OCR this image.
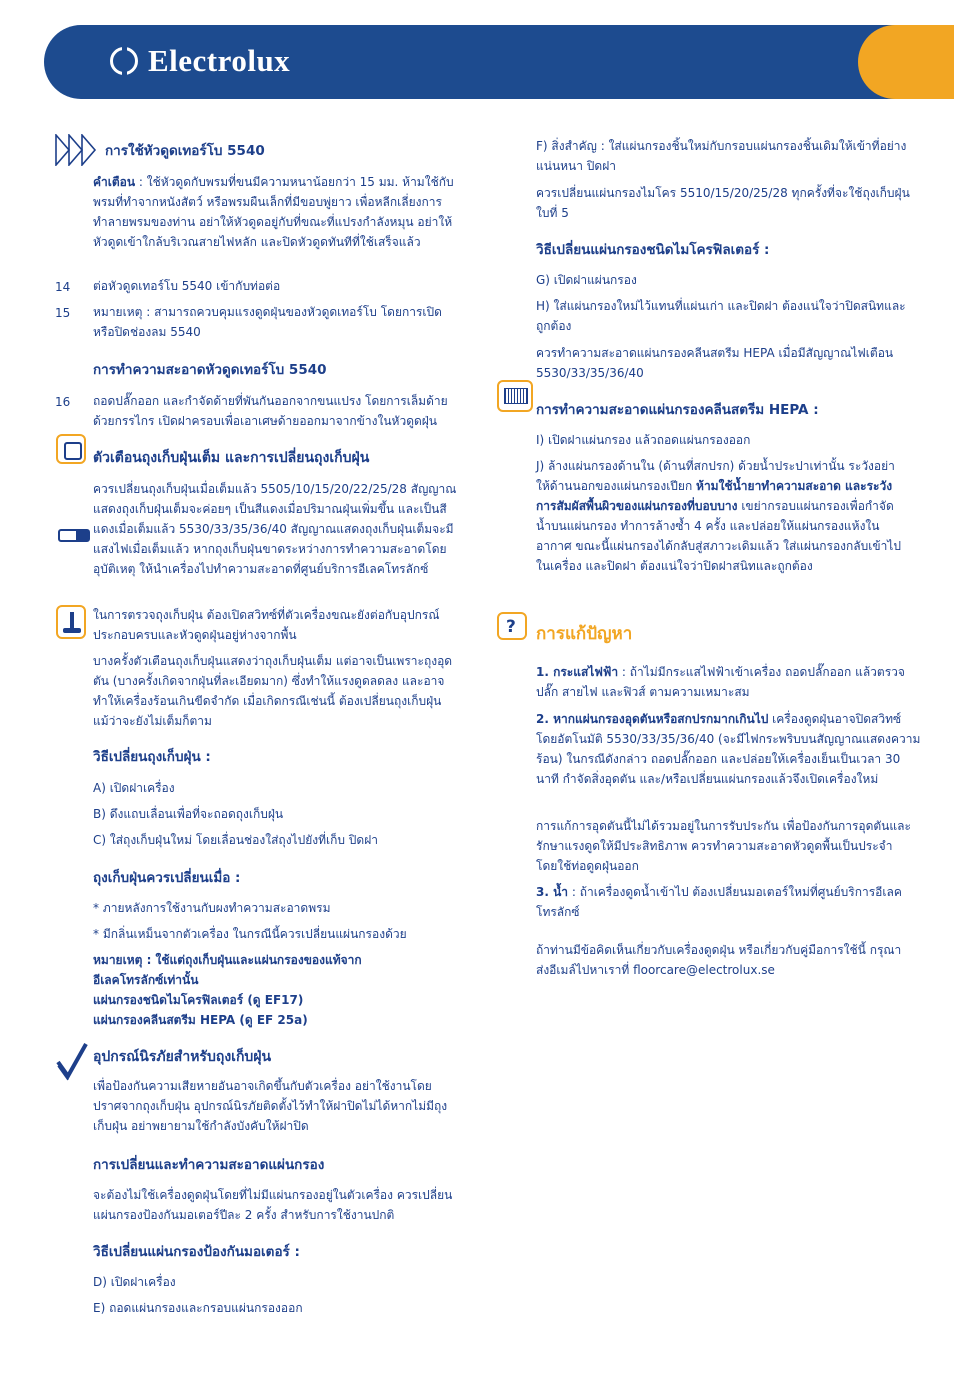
Electrolux
การใช้หัวดูดเทอร์โบ 5540
คำเตือน : ใช้หัวดูดกับพรมที่ขนมีความหนาน้อยกว่า 15 มม. ห้ามใช้กับพรมที่ทำจากหนังสัตว์ หรือพรมผืนเล็กที่มีขอบพู่ยาว เพื่อหลีกเลี่ยงการทำลายพรมของท่าน อย่าให้หัวดูดอยู่กับที่ขณะที่แปรงกำลังหมุน อย่าให้หัวดูดเข้าใกล้บริเวณสายไฟหลัก และปิดหัวดูดทันทีที่ใช้เสร็จแล้ว
14 ต่อหัวดูดเทอร์โบ 5540 เข้ากับท่อต่อ
15 หมายเหตุ : สามารถควบคุมแรงดูดฝุ่นของหัวดูดเทอร์โบ โดยการเปิดหรือปิดช่องลม 5540
การทำความสะอาดหัวดูดเทอร์โบ 5540
16 ถอดปลั๊กออก และกำจัดด้ายที่พันกันออกจากขนแปรง โดยการเล็มด้ายด้วยกรรไกร เปิดฝาครอบเพื่อเอาเศษด้ายออกมาจากข้างในหัวดูดฝุ่น
ตัวเตือนถุงเก็บฝุ่นเต็ม และการเปลี่ยนถุงเก็บฝุ่น
ควรเปลี่ยนถุงเก็บฝุ่นเมื่อเต็มแล้ว 5505/10/15/20/22/25/28 สัญญาณแสดงถุงเก็บฝุ่นเต็มจะค่อยๆ เป็นสีแดงเมื่อปริมาณฝุ่นเพิ่มขึ้น และเป็นสีแดงเมื่อเต็มแล้ว 5530/33/35/36/40 สัญญาณแสดงถุงเก็บฝุ่นเต็มจะมีแสงไฟเมื่อเต็มแล้ว หากถุงเก็บฝุ่นขาดระหว่างการทำความสะอาดโดยอุบัติเหตุ ให้นำเครื่องไปทำความสะอาดที่ศูนย์บริการอีเลคโทรลักซ์
ในการตรวจถุงเก็บฝุ่น ต้องเปิดสวิทซ์ที่ตัวเครื่องขณะยังต่อกับอุปกรณ์ประกอบครบและหัวดูดฝุ่นอยู่ห่างจากพื้น
บางครั้งตัวเตือนถุงเก็บฝุ่นแสดงว่าถุงเก็บฝุ่นเต็ม แต่อาจเป็นเพราะถุงอุดตัน (บางครั้งเกิดจากฝุ่นที่ละเอียดมาก) ซึ่งทำให้แรงดูดลดลง และอาจทำให้เครื่องร้อนเกินขีดจำกัด เมื่อเกิดกรณีเช่นนี้ ต้องเปลี่ยนถุงเก็บฝุ่นแม้ว่าจะยังไม่เต็มก็ตาม
วิธีเปลี่ยนถุงเก็บฝุ่น :
A) เปิดฝาเครื่อง
B) ดึงแถบเลื่อนเพื่อที่จะถอดถุงเก็บฝุ่น
C) ใส่ถุงเก็บฝุ่นใหม่ โดยเลื่อนช่องใส่ถุงไปยังที่เก็บ ปิดฝา
ถุงเก็บฝุ่นควรเปลี่ยนเมื่อ :
* ภายหลังการใช้งานกับผงทำความสะอาดพรม
* มีกลิ่นเหม็นจากตัวเครื่อง ในกรณีนี้ควรเปลี่ยนแผ่นกรองด้วย
หมายเหตุ : ใช้แต่ถุงเก็บฝุ่นและแผ่นกรองของแท้จาก
อีเลคโทรลักซ์เท่านั้น
แผ่นกรองชนิดไมโครฟิลเตอร์ (ดู EF17)
แผ่นกรองคลีนสตรีม HEPA (ดู EF 25a)
อุปกรณ์นิรภัยสำหรับถุงเก็บฝุ่น
เพื่อป้องกันความเสียหายอันอาจเกิดขึ้นกับตัวเครื่อง อย่าใช้งานโดยปราศจากถุงเก็บฝุ่น อุปกรณ์นิรภัยติดตั้งไว้ทำให้ฝาปิดไม่ได้หากไม่มีถุงเก็บฝุ่น อย่าพยายามใช้กำลังบังคับให้ฝาปิด
การเปลี่ยนและทำความสะอาดแผ่นกรอง
จะต้องไม่ใช้เครื่องดูดฝุ่นโดยที่ไม่มีแผ่นกรองอยู่ในตัวเครื่อง ควรเปลี่ยนแผ่นกรองป้องกันมอเตอร์ปีละ 2 ครั้ง สำหรับการใช้งานปกติ
วิธีเปลี่ยนแผ่นกรองป้องกันมอเตอร์ :
D) เปิดฝาเครื่อง
E) ถอดแผ่นกรองและกรอบแผ่นกรองออก
F) สิ่งสำคัญ : ใส่แผ่นกรองชิ้นใหม่กับกรอบแผ่นกรองชิ้นเดิมให้เข้าที่อย่างแน่นหนา ปิดฝา
ควรเปลี่ยนแผ่นกรองไมโคร 5510/15/20/25/28 ทุกครั้งที่จะใช้ถุงเก็บฝุ่นใบที่ 5
วิธีเปลี่ยนแผ่นกรองชนิดไมโครฟิลเตอร์ :
G) เปิดฝาแผ่นกรอง
H) ใส่แผ่นกรองใหม่ไว้แทนที่แผ่นเก่า และปิดฝา ต้องแน่ใจว่าปิดสนิทและถูกต้อง
ควรทำความสะอาดแผ่นกรองคลีนสตรีม HEPA เมื่อมีสัญญาณไฟเตือน 5530/33/35/36/40
การทำความสะอาดแผ่นกรองคลีนสตรีม HEPA :
I) เปิดฝาแผ่นกรอง แล้วถอดแผ่นกรองออก
J) ล้างแผ่นกรองด้านใน (ด้านที่สกปรก) ด้วยน้ำประปาเท่านั้น ระวังอย่าให้ด้านนอกของแผ่นกรองเปียก ห้ามใช้น้ำยาทำความสะอาด และระวังการสัมผัสพื้นผิวของแผ่นกรองที่บอบบาง เขย่ากรอบแผ่นกรองเพื่อกำจัดน้ำบนแผ่นกรอง ทำการล้างซ้ำ 4 ครั้ง และปล่อยให้แผ่นกรองแห้งในอากาศ ขณะนี้แผ่นกรองได้กลับสู่สภาวะเดิมแล้ว ใส่แผ่นกรองกลับเข้าไปในเครื่อง และปิดฝา ต้องแน่ใจว่าปิดฝาสนิทและถูกต้อง
? การแก้ปัญหา
1. กระแสไฟฟ้า : ถ้าไม่มีกระแสไฟฟ้าเข้าเครื่อง ถอดปลั๊กออก แล้วตรวจปลั๊ก สายไฟ และฟิวส์ ตามความเหมาะสม
2. หากแผ่นกรองอุดตันหรือสกปรกมากเกินไป เครื่องดูดฝุ่นอาจปิดสวิทซ์โดยอัตโนมัติ 5530/33/35/36/40 (จะมีไฟกระพริบบนสัญญาณแสดงความร้อน) ในกรณีดังกล่าว ถอดปลั๊กออก และปล่อยให้เครื่องเย็นเป็นเวลา 30 นาที กำจัดสิ่งอุดตัน และ/หรือเปลี่ยนแผ่นกรองแล้วจึงเปิดเครื่องใหม่
การแก้การอุดตันนี้ไม่ได้รวมอยู่ในการรับประกัน เพื่อป้องกันการอุดตันและรักษาแรงดูดให้มีประสิทธิภาพ ควรทำความสะอาดหัวดูดพื้นเป็นประจำโดยใช้ท่อดูดฝุ่นออก
3. น้ำ : ถ้าเครื่องดูดน้ำเข้าไป ต้องเปลี่ยนมอเตอร์ใหม่ที่ศูนย์บริการอีเลคโทรลักซ์
ถ้าท่านมีข้อคิดเห็นเกี่ยวกับเครื่องดูดฝุ่น หรือเกี่ยวกับคู่มือการใช้นี้ กรุณาส่งอีเมล์ไปหาเราที่ floorcare@electrolux.se
